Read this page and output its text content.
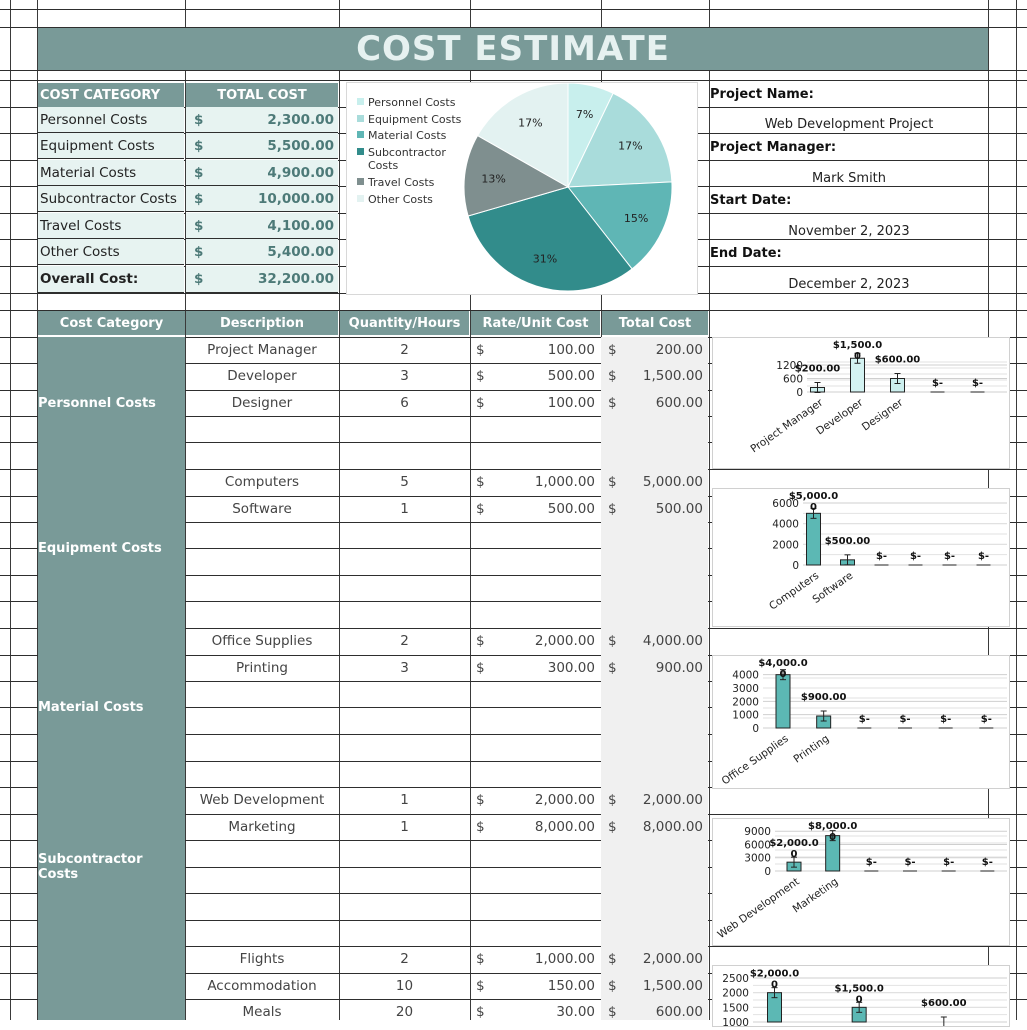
COST ESTIMATE
COST CATEGORY	TOTAL COST
Personnel Costs	$	2,300.00
Equipment Costs	$	5,500.00
Material Costs	$	4,900.00
Subcontractor Costs	$	10,000.00
Travel Costs	$	4,100.00
Other Costs	$	5,400.00
Overall Cost:	$	32,200.00
7%
17%
15%
31%
13%
17%
Personnel Costs
Equipment Costs
Material Costs
Subcontractor Costs
Travel Costs
Other Costs
Project Name:
Web Development Project
Project Manager:
Mark Smith
Start Date:
November 2, 2023
End Date:
December 2, 2023
Cost Category	Description	Quantity/Hours	Rate/Unit Cost	Total Cost
Personnel Costs
Project Manager	2	$	100.00 $	200.00
Developer	3	$	500.00 $ 1,500.00
Designer	6	$	100.00 $	600.00
Equipment Costs
Computers	5	$	1,000.00 $ 5,000.00
Software	1	$	500.00 $	500.00
Material Costs
Office Supplies	2	$	2,000.00 $ 4,000.00
Printing	3	$	300.00 $	900.00
Subcontractor Costs
Web Development	1	$	2,000.00 $ 2,000.00
Marketing	1	$	8,000.00 $ 8,000.00
Flights	2	$	1,000.00 $ 2,000.00
Accommodation	10	$	150.00 $ 1,500.00
Meals	20	$	30.00 $	600.00
0
600
1200
$200.00
Project Manager
$1,500.0 0
Developer
$600.00
Designer
$-	$-
0
2000
4000
6000
$5,000.0 0
Computers
$500.00
Software
$- $- $- $-
0
1000
2000
3000
4000
$4,000.0 0
Office Supplies
$900.00
Printing
$-	$-	$-	$-
0
3000
6000
9000
$2,000.0 0
Web Development
$8,000.0 0
Marketing
$-	$-	$-	$-
1000
1500
2000
2500 $2,000.0 0	$1,500.0 0	$600.00
